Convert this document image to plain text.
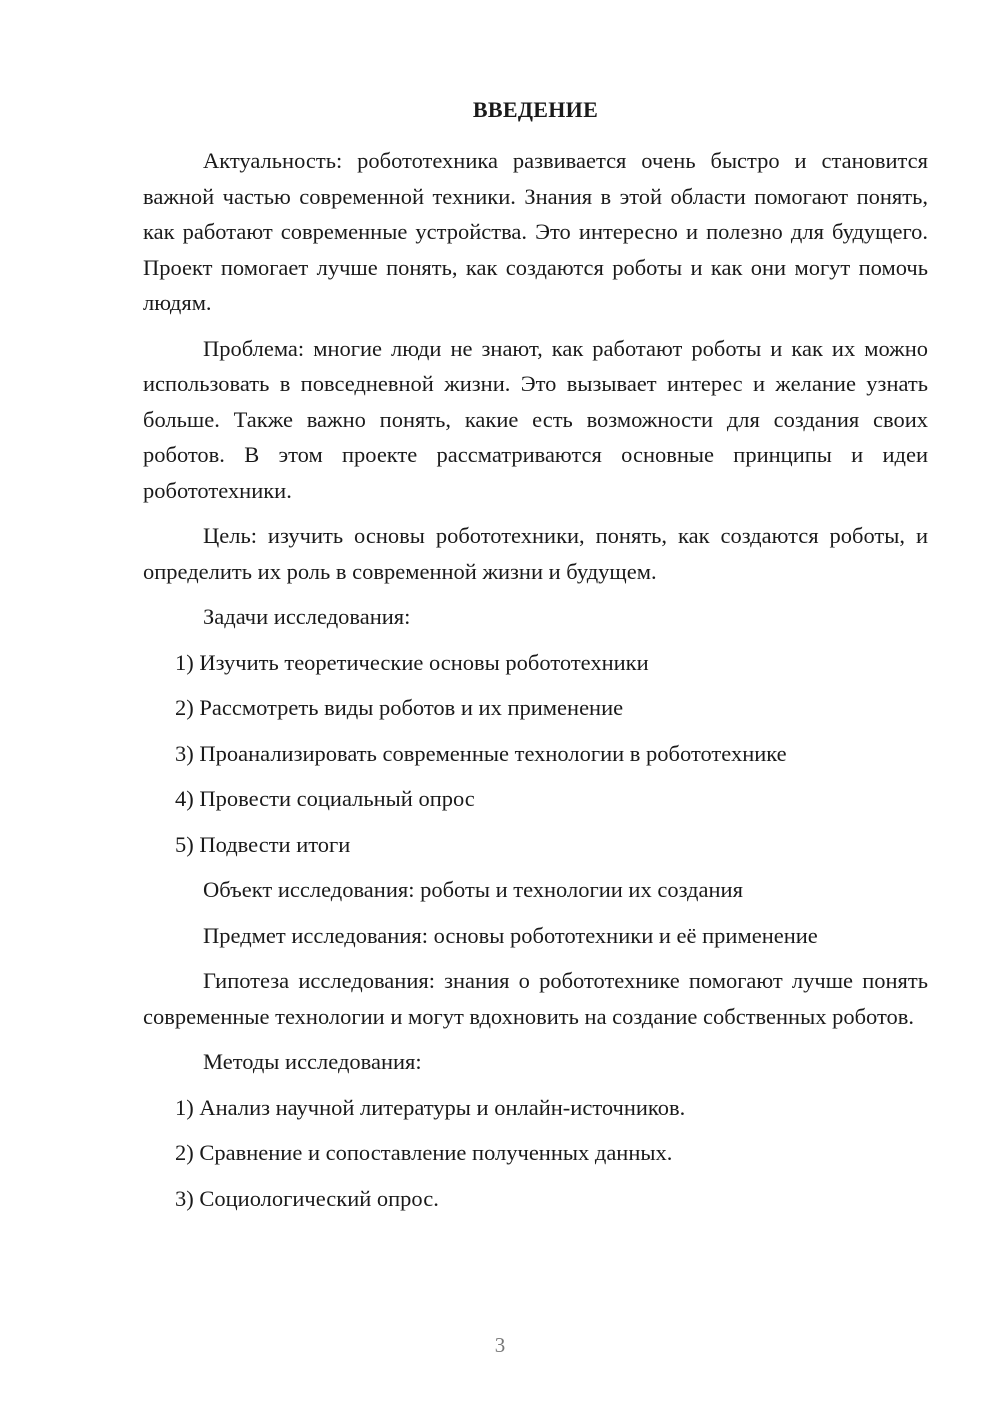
ВВЕДЕНИЕ
Актуальность: робототехника развивается очень быстро и становится важной частью современной техники. Знания в этой области помогают понять, как работают современные устройства. Это интересно и полезно для будущего. Проект помогает лучше понять, как создаются роботы и как они могут помочь людям.
Проблема: многие люди не знают, как работают роботы и как их можно использовать в повседневной жизни. Это вызывает интерес и желание узнать больше. Также важно понять, какие есть возможности для создания своих роботов. В этом проекте рассматриваются основные принципы и идеи робототехники.
Цель: изучить основы робототехники, понять, как создаются роботы, и определить их роль в современной жизни и будущем.
Задачи исследования:
1) Изучить теоретические основы робототехники
2) Рассмотреть виды роботов и их применение
3) Проанализировать современные технологии в робототехнике
4) Провести социальный опрос
5) Подвести итоги
Объект исследования: роботы и технологии их создания
Предмет исследования: основы робототехники и её применение
Гипотеза исследования: знания о робототехнике помогают лучше понять современные технологии и могут вдохновить на создание собственных роботов.
Методы исследования:
1) Анализ научной литературы и онлайн-источников.
2) Сравнение и сопоставление полученных данных.
3) Социологический опрос.
3
